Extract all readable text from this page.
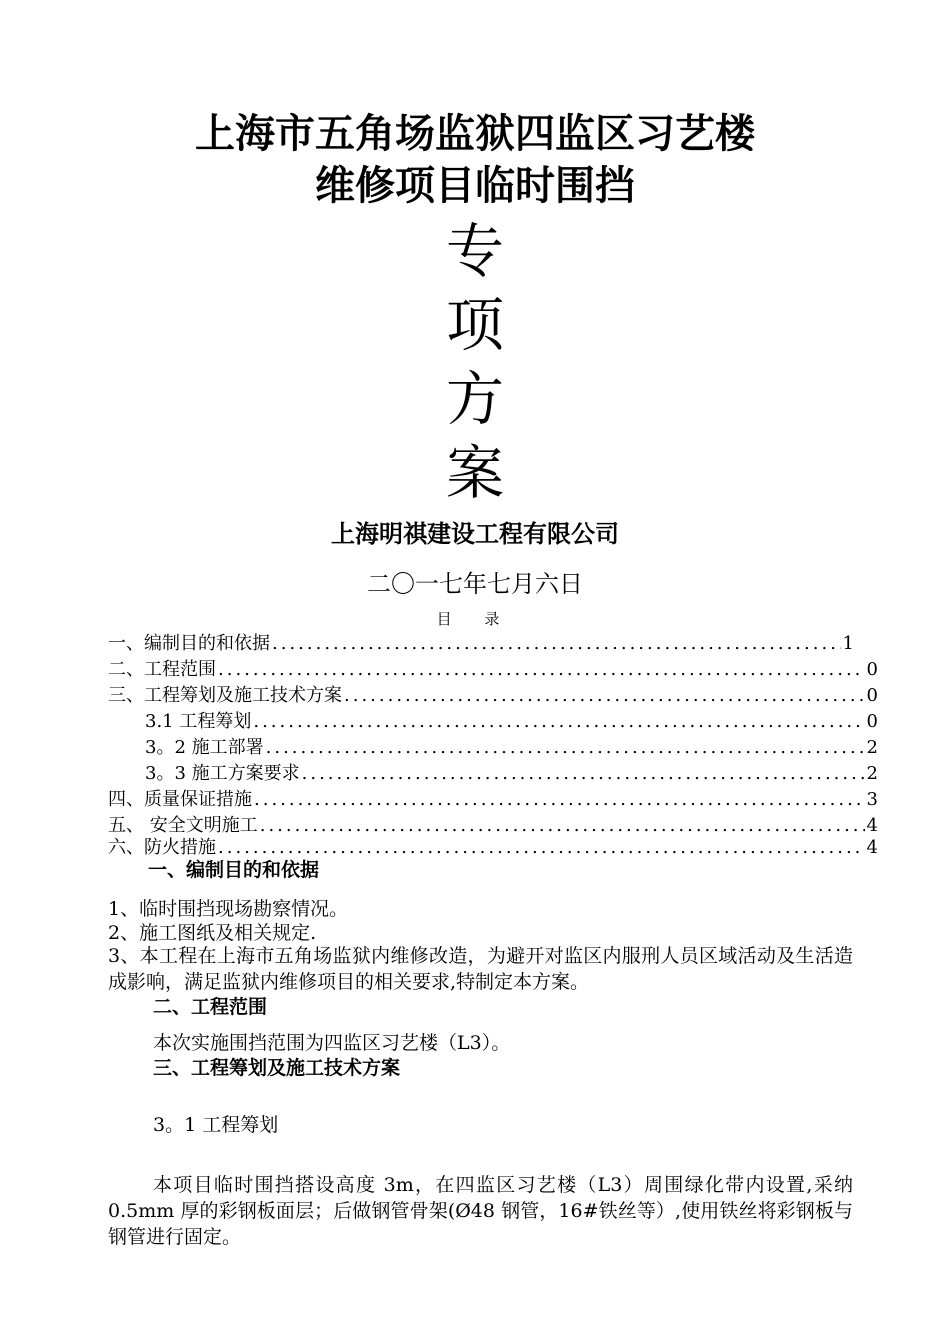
上海市五角场监狱四监区习艺楼
维修项目临时围挡
专
项
方
案
上海明祺建设工程有限公司
二〇一七年七月六日
目 录
一、编制目的和依据 .....	1
二、工程范围 .....	0
三、工程筹划及施工技术方案 .....	0
3.1 工程筹划 .....	0
3。2 施工部署 .....	2
3。3 施工方案要求 .....	2
四、质量保证措施 .....	3
五、 安全文明施工 .....	4
六、防火措施 .....	4
一、编制目的和依据
1、临时围挡现场勘察情况。
2、施工图纸及相关规定.
3、本工程在上海市五角场监狱内维修改造，为避开对监区内服刑人员区域活动及生活造成影响，满足监狱内维修项目的相关要求,特制定本方案。
二、工程范围
本次实施围挡范围为四监区习艺楼（L3）。
三、工程筹划及施工技术方案
3。1 工程筹划
本项目临时围挡搭设高度 3m，在四监区习艺楼（L3）周围绿化带内设置,采纳 0.5mm 厚的彩钢板面层；后做钢管骨架(Ø48 钢管，16#铁丝等）,使用铁丝将彩钢板与钢管进行固定。
